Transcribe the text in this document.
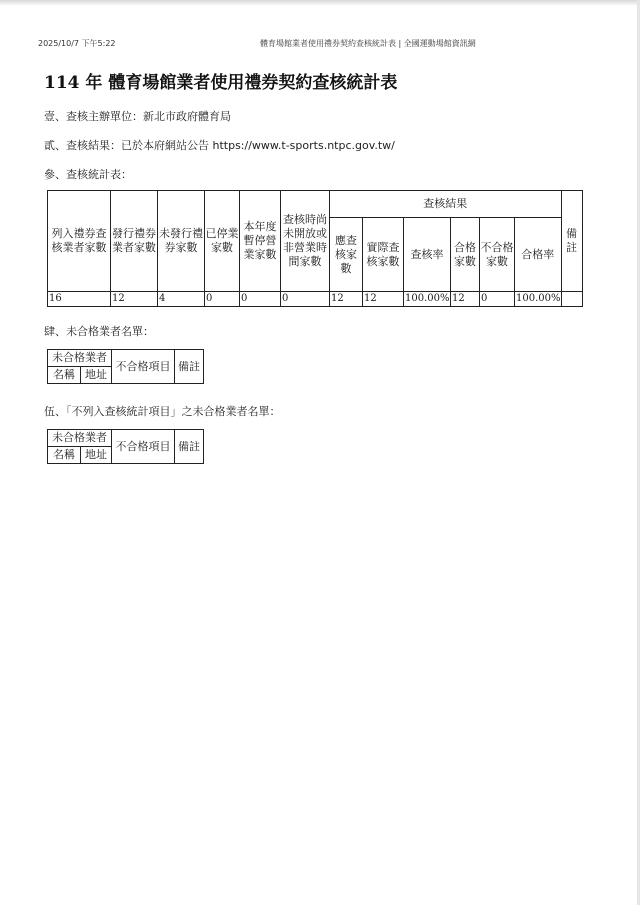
2025/10/7 下午5:22	體育場館業者使用禮券契約查核統計表 | 全國運動場館資訊網
114 年 體育場館業者使用禮券契約查核統計表
壹、查核主辦單位：新北市政府體育局
貳、查核結果：已於本府網站公告 https://www.t-sports.ntpc.gov.tw/
參、查核統計表：
列入禮券查核業者家數	發行禮券業者家數	未發行禮券家數	已停業家數	本年度暫停營業家數	查核時尚未開放或非營業時間家數	查核結果						備註
						應查核家數	實際查核家數	查核率	合格家數	不合格家數	合格率	
16	12	4	0	0	0	12	12	100.00%	12	0	100.00%	
肆、未合格業者名單：
未合格業者		不合格項目	備註
名稱	地址		
伍、「不列入查核統計項目」之未合格業者名單：
未合格業者		不合格項目	備註
名稱	地址		
